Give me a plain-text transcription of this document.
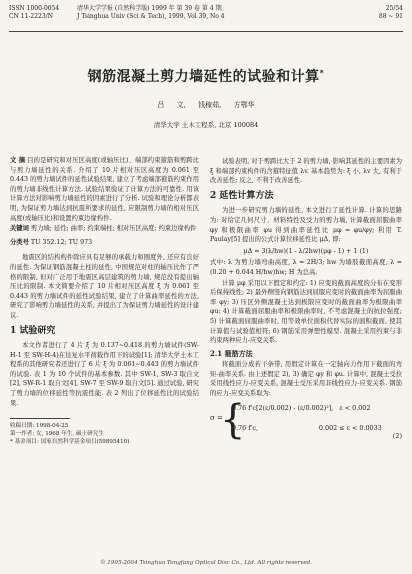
ISSN 1000-0054
CN 11-2223/N
清华大学学报 (自然科学版) 1999 年 第 39 卷 第 4 期
J Tsinghua Univ (Sci & Tech), 1999, Vol 39, No 4
25/54
88 ~ 91
钢筋混凝土剪力墙延性的试验和计算*
吕 文, 钱稼茹, 方鄂华
清华大学 土木工程系, 北京 100084

文 摘 目的是研究和对压区高度(或轴压比)、端部约束箍筋和剪跨比与剪力墙延性的关系. 介绍了 10 片相对压区高度为 0.061 至 0.443 的剪力墙试件的延性试验结果, 建立了考虑端部箍筋约束作用的剪力墙非线性计算方法. 试验结果验证了计算方法的可靠性. 用该计算方法对影响剪力墙延性的因素进行了分析. 试验和理论分析都表明, 为保证剪力墙达到抗震所要求的延性, 应限制剪力墙的相对压区高度(或轴压比)和设置约束边缘构件.

关键词 剪力墙; 延性; 曲率; 约束端柱; 相对压区高度; 约束边缘构件

分类号 TU 352.12; TU 973

地震区的结构构件除应具有足够的承载力和刚度外, 还应有良好的延性. 为保证钢筋混凝土柱的延性, 中国规范对柱的轴压比作了严格的限制, 但对广泛用于地震区高层建筑的剪力墙, 规范没有提出轴压比的限制. 本文简要介绍了 10 片相对压区高度 ξ 为 0.061 至 0.443 的剪力墙试件的延性试验结果, 建立了计算曲率延性的方法, 研究了影响剪力墙延性的关系, 并提出了为保证剪力墙延性的设计建议.

1 试验研究

本文作者进行了 4 片 ξ 为 0.137~0.418 的剪力墙试件(SW-H-1 至 SW-H-4)在往复水平荷载作用下的试验[1]; 清华大学土木工程系的其他研究者还进行了 6 片 ξ 为 0.061~0.443 的剪力墙试件的试验. 表 1 为 10 个试件的基本参数. 其中 SW-1, SW-3 取自文[2], SW-R-1 取自文[4], SW-7 至 SW-9 取自文[5]. 通过试验, 研究了剪力墙的位移延性等抗震性能. 表 2 列出了位移延性比的试验结果.

收稿日期: 1998-04-25
第一作者: 女, 1968 年生, 硕士研究生
* 基金项目: 国家自然科学基金项目(59895410)

试验表明, 对于剪跨比大于 2 的剪力墙, 影响其延性的主要因素为 ξ 和端部约束构件的含箍特征值 λv. 基本趋势为: ξ 小, λv 大, 有利于改善延性; 反之, 不利于改善延性.

2 延性计算方法

为进一步研究剪力墙的延性, 本文进行了延性计算. 计算的思路为: 对给定几何尺寸、材料特性及受力的剪力墙, 计算截面屈服曲率 φy 和极限曲率 φu 得到曲率延性比 μφ = φu/φy; 利用 T. Paulay[5] 提出的公式计算位移延性比 μΔ, 即:

μΔ = 3(λ/hw)(1 - λ/2hw)(μφ - 1) + 1 (1)

式中: λ 为剪力墙弯曲高度, λ = 2H/3; hw 为墙肢截面高度, λ = (0.20 + 0.044 H/hw)hw; H 为总高.

计算 μφ 采用以下假定和约定: 1) 应变的截面高度的分布在变形后保持线性; 2) 最外侧竖向钢筋达到屈服应变时的截面曲率为屈服曲率 φy; 3) 压区外侧混凝土达到极限应变时的截面曲率为极限曲率 φu; 4) 计算截面屈服曲率和极限曲率时, 不考虑混凝土的抗拉强度; 5) 计算截面屈服曲率时, 用等效单位面积代替实际的面积截面, 使其计算值与试验值相符; 6) 钢筋采用弹塑性模型. 混凝土采用约束与非约束两种应力-应变关系.

2.1 箍筋方法

将截面分成若干条带, 用假定计算在一定轴向力作用下截面的弯矩-曲率关系. 由上述假定 2), 3) 确定 φy 和 φu. 计算中, 混凝土受拉采用线性应力-应变关系, 混凝土受压采用非线性应力-应变关系. 钢筋的应力-应变关系取为:

σ =
{
0.76 f'c[2(ε/0.002) - (ε/0.002)²],   ε < 0.002
0.76 f'c,                              0.002 ≤ ε < 0.0033
(2)
© 1995-2004 Tsinghua Tongfang Optical Disc Co., Ltd. All rights reserved.
